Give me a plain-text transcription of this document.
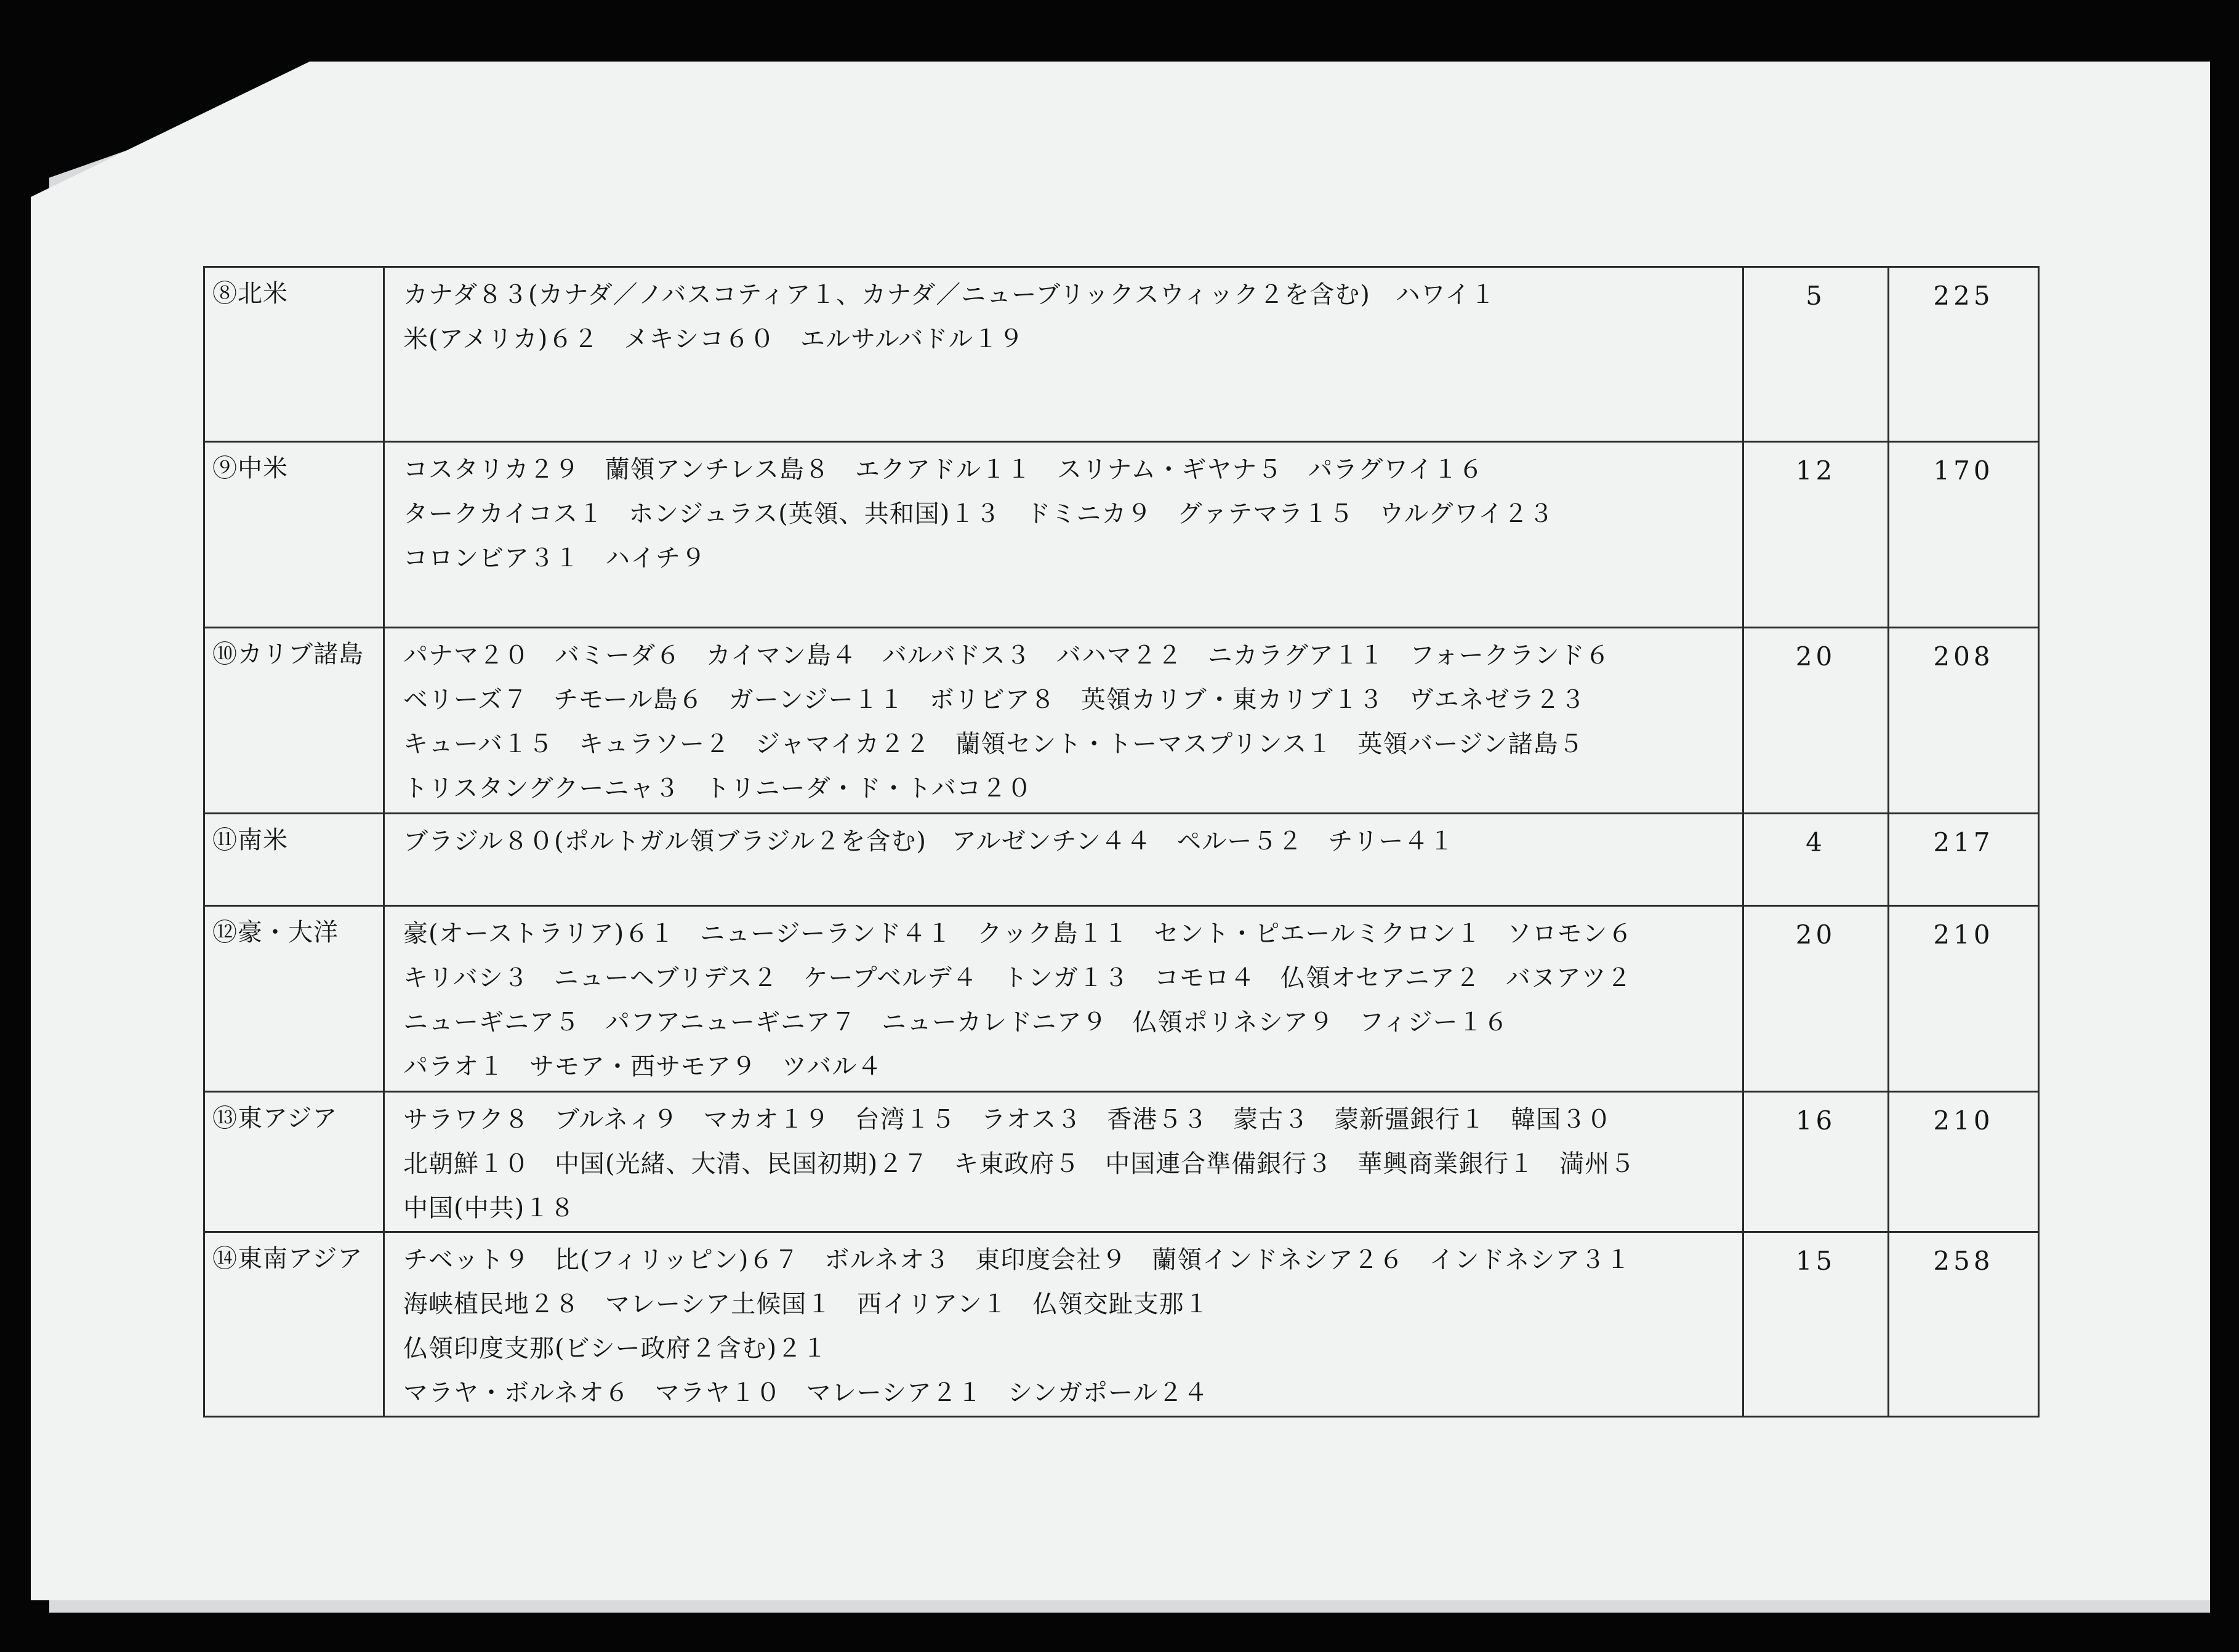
⑧北米	カナダ８３(カナダ／ノバスコティア１、カナダ／ニューブリックスウィック２を含む)　ハワイ１
米(アメリカ)６２　メキシコ６０　エルサルバドル１９	5	225
⑨中米	コスタリカ２９　蘭領アンチレス島８　エクアドル１１　スリナム・ギヤナ５　パラグワイ１６
タークカイコス１　ホンジュラス(英領、共和国)１３　ドミニカ９　グァテマラ１５　ウルグワイ２３
コロンビア３１　ハイチ９	12	170
⑩カリブ諸島	パナマ２０　バミーダ６　カイマン島４　バルバドス３　バハマ２２　ニカラグア１１　フォークランド６
ベリーズ７　チモール島６　ガーンジー１１　ボリビア８　英領カリブ・東カリブ１３　ヴエネゼラ２３
キューバ１５　キュラソー２　ジャマイカ２２　蘭領セント・トーマスプリンス１　英領バージン諸島５
トリスタングクーニャ３　トリニーダ・ド・トバコ２０	20	208
⑪南米	ブラジル８０(ポルトガル領ブラジル２を含む)　アルゼンチン４４　ペルー５２　チリー４１	4	217
⑫豪・大洋	豪(オーストラリア)６１　ニュージーランド４１　クック島１１　セント・ピエールミクロン１　ソロモン６
キリバシ３　ニューヘブリデス２　ケープベルデ４　トンガ１３　コモロ４　仏領オセアニア２　バヌアツ２
ニューギニア５　パフアニューギニア７　ニューカレドニア９　仏領ポリネシア９　フィジー１６
パラオ１　サモア・西サモア９　ツバル４	20	210
⑬東アジア	サラワク８　ブルネィ９　マカオ１９　台湾１５　ラオス３　香港５３　蒙古３　蒙新彊銀行１　韓国３０
北朝鮮１０　中国(光緒、大清、民国初期)２７　キ東政府５　中国連合準備銀行３　華興商業銀行１　満州５
中国(中共)１８	16	210
⑭東南アジア	チベット９　比(フィリッピン)６７　ボルネオ３　東印度会社９　蘭領インドネシア２６　インドネシア３１
海峡植民地２８　マレーシア土候国１　西イリアン１　仏領交趾支那１
仏領印度支那(ビシー政府２含む)２１
マラヤ・ボルネオ６　マラヤ１０　マレーシア２１　シンガポール２４	15	258
